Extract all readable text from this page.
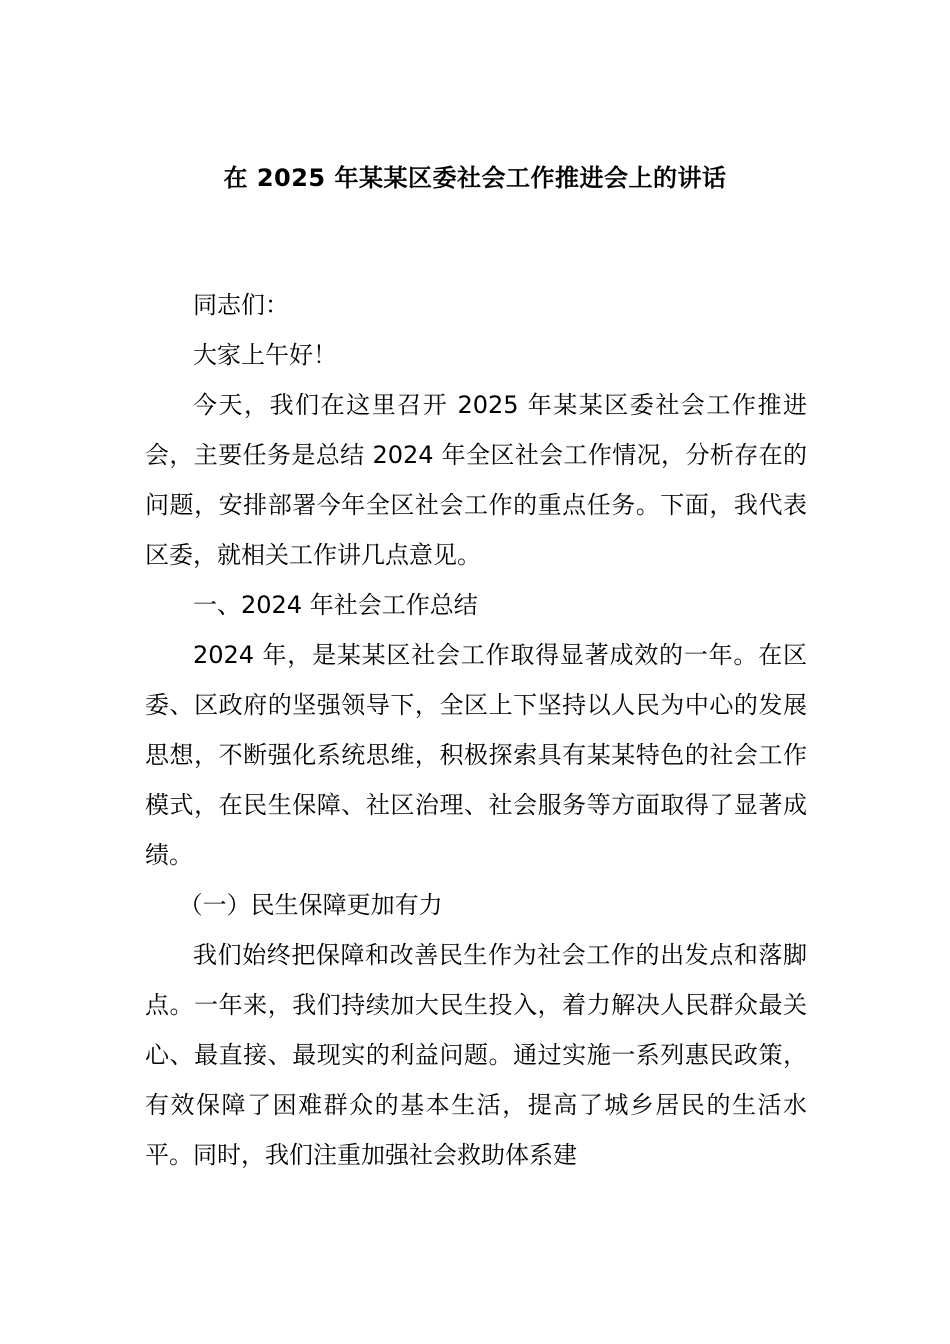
在 2025 年某某区委社会工作推进会上的讲话

同志们：

大家上午好！

今天，我们在这里召开 2025 年某某区委社会工作推进会，主要任务是总结 2024 年全区社会工作情况，分析存在的问题，安排部署今年全区社会工作的重点任务。下面，我代表区委，就相关工作讲几点意见。

一、2024 年社会工作总结

2024 年，是某某区社会工作取得显著成效的一年。在区委、区政府的坚强领导下，全区上下坚持以人民为中心的发展思想，不断强化系统思维，积极探索具有某某特色的社会工作模式，在民生保障、社区治理、社会服务等方面取得了显著成绩。

（一）民生保障更加有力

我们始终把保障和改善民生作为社会工作的出发点和落脚点。一年来，我们持续加大民生投入，着力解决人民群众最关心、最直接、最现实的利益问题。通过实施一系列惠民政策，有效保障了困难群众的基本生活，提高了城乡居民的生活水平。同时，我们注重加强社会救助体系建
